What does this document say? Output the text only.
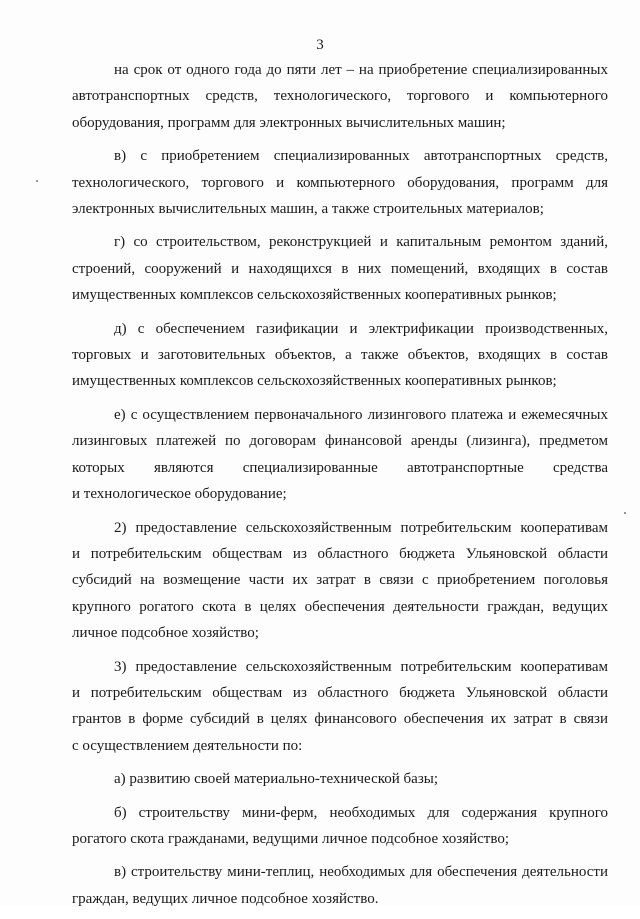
3

на срок от одного года до пяти лет – на приобретение специализированных
автотранспортных средств, технологического, торгового и компьютерного
оборудования, программ для электронных вычислительных машин;

в) с приобретением специализированных автотранспортных средств,
технологического, торгового и компьютерного оборудования, программ для
электронных вычислительных машин, а также строительных материалов;

г) со строительством, реконструкцией и капитальным ремонтом зданий,
строений, сооружений и находящихся в них помещений, входящих в состав
имущественных комплексов сельскохозяйственных кооперативных рынков;

д) с обеспечением газификации и электрификации производственных,
торговых и заготовительных объектов, а также объектов, входящих в состав
имущественных комплексов сельскохозяйственных кооперативных рынков;

е) с осуществлением первоначального лизингового платежа и ежемесячных
лизинговых платежей по договорам финансовой аренды (лизинга), предметом
которых являются специализированные автотранспортные средства
и технологическое оборудование;

2) предоставление сельскохозяйственным потребительским кооперативам
и потребительским обществам из областного бюджета Ульяновской области
субсидий на возмещение части их затрат в связи с приобретением поголовья
крупного рогатого скота в целях обеспечения деятельности граждан, ведущих
личное подсобное хозяйство;

3) предоставление сельскохозяйственным потребительским кооперативам
и потребительским обществам из областного бюджета Ульяновской области
грантов в форме субсидий в целях финансового обеспечения их затрат в связи
с осуществлением деятельности по:

а) развитию своей материально-технической базы;

б) строительству мини-ферм, необходимых для содержания крупного
рогатого скота гражданами, ведущими личное подсобное хозяйство;

в) строительству мини-теплиц, необходимых для обеспечения деятельности
граждан, ведущих личное подсобное хозяйство.
